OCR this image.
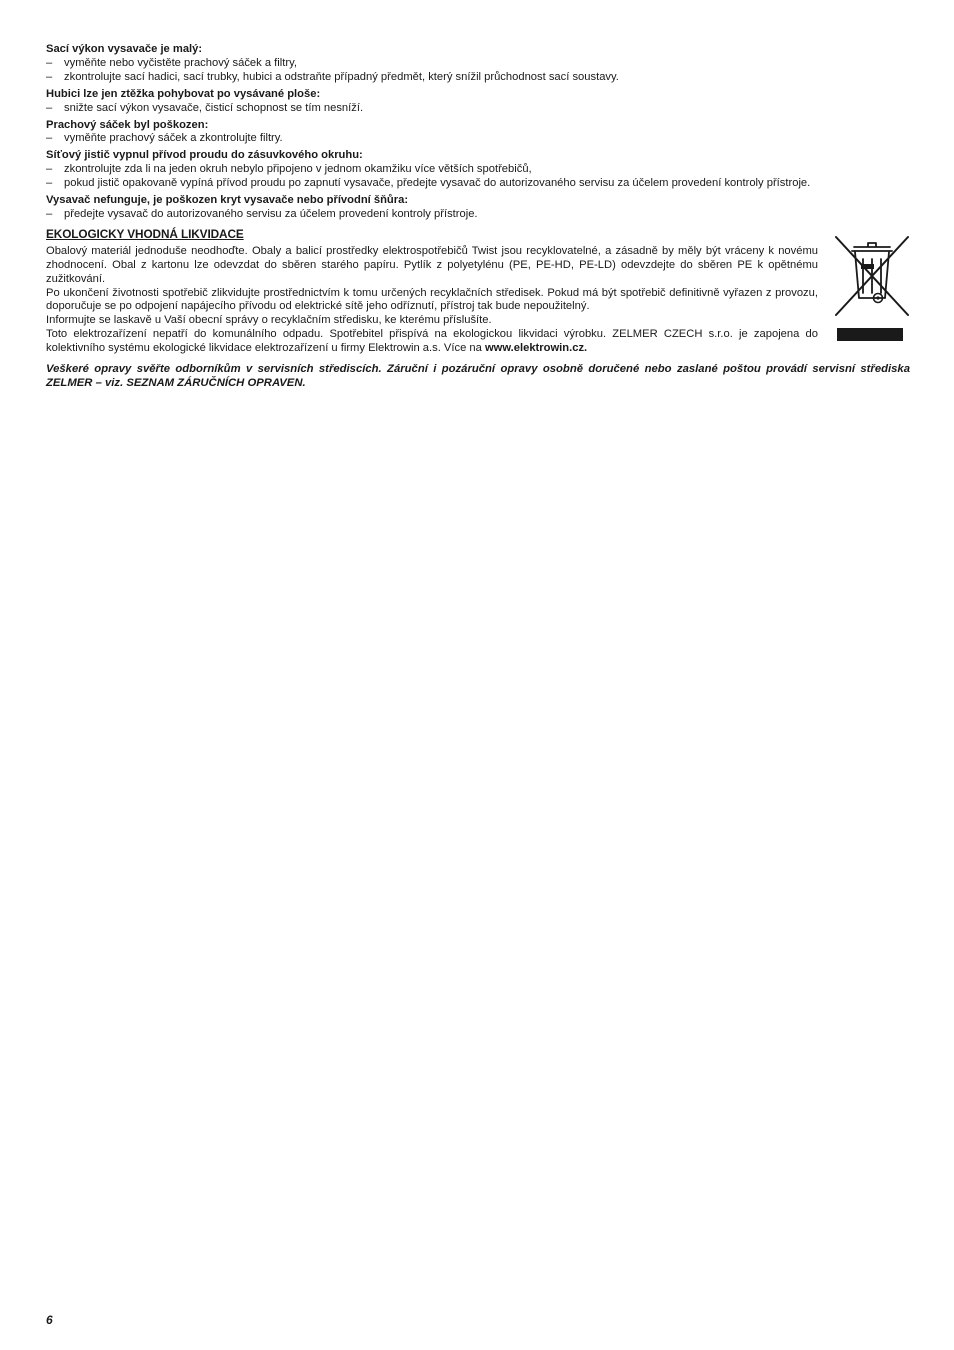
Sací výkon vysavače je malý:
– vyměňte nebo vyčistěte prachový sáček a filtry,
– zkontrolujte sací hadici, sací trubky, hubici a odstraňte případný předmět, který snížil průchodnost sací soustavy.
Hubici lze jen ztěžka pohybovat po vysávané ploše:
– snižte sací výkon vysavače, čisticí schopnost se tím nesníží.
Prachový sáček byl poškozen:
– vyměňte prachový sáček a zkontrolujte filtry.
Síťový jistič vypnul přívod proudu do zásuvkového okruhu:
– zkontrolujte zda li na jeden okruh nebylo připojeno v jednom okamžiku více větších spotřebičů,
– pokud jistič opakovaně vypíná přívod proudu po zapnutí vysavače, předejte vysavač do autorizovaného servisu za účelem provedení kontroly přístroje.
Vysavač nefunguje, je poškozen kryt vysavače nebo přívodní šňůra:
– předejte vysavač do autorizovaného servisu za účelem provedení kontroly přístroje.
EKOLOGICKY VHODNÁ LIKVIDACE

Obalový materiál jednoduše neodhoďte. Obaly a balicí prostředky elektrospotřebičů Twist jsou recyklovatelné, a zásadně by měly být vráceny k novému zhodnocení. Obal z kartonu lze odevzdat do sběren starého papíru. Pytlík z polyetylénu (PE, PE-HD, PE-LD) odevzdejte do sběren PE k opětnému zužitkování.

Po ukončení životnosti spotřebič zlikvidujte prostřednictvím k tomu určených recyklačních středisek. Pokud má být spotřebič definitivně vyřazen z provozu, doporučuje se po odpojení napájecího přívodu od elektrické sítě jeho odříznutí, přístroj tak bude nepoužitelný.

Informujte se laskavě u Vaší obecní správy o recyklačním středisku, ke kterému příslušíte.

Toto elektrozařízení nepatří do komunálního odpadu. Spotřebitel přispívá na ekologickou likvidaci výrobku. ZELMER CZECH s.r.o. je zapojena do kolektivního systému ekologické likvidace elektrozařízení u firmy Elektrowin a.s. Více na www.elektrowin.cz.

Veškeré opravy svěřte odborníkům v servisních střediscích. Záruční i pozáruční opravy osobně doručené nebo zaslané poštou provádí servisní střediska ZELMER – viz. SEZNAM ZÁRUČNÍCH OPRAVEN.
6
